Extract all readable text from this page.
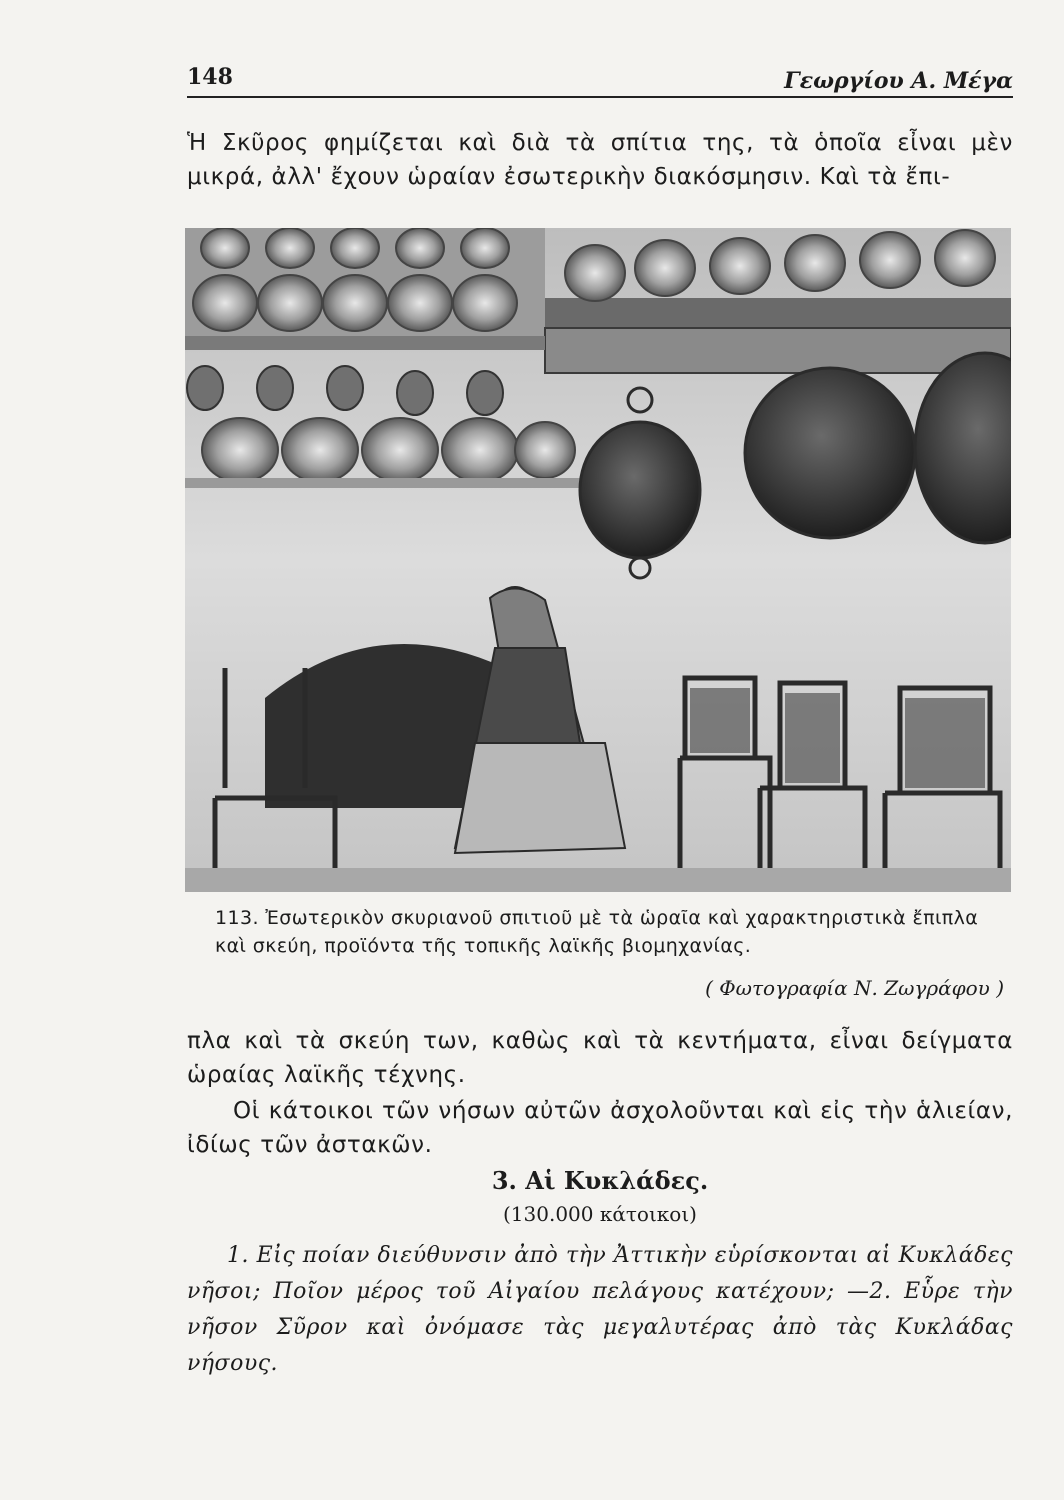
148	Γεωργίου Α. Μέγα

Ἡ Σκῦρος φημίζεται καὶ διὰ τὰ σπίτια της, τὰ ὁποῖα εἶναι μὲν μικρά, ἀλλ' ἔχουν ὡραίαν ἐσωτερικὴν διακόσμησιν. Καὶ τὰ ἔπι-

113. Ἐσωτερικὸν σκυριανοῦ σπιτιοῦ μὲ τὰ ὡραῖα καὶ χαρακτηριστικὰ ἔπιπλα καὶ σκεύη, προϊόντα τῆς τοπικῆς λαϊκῆς βιομηχανίας.

( Φωτογραφία Ν. Ζωγράφου )

πλα καὶ τὰ σκεύη των, καθὼς καὶ τὰ κεντήματα, εἶναι δείγματα ὡραίας λαϊκῆς τέχνης.

Οἱ κάτοικοι τῶν νήσων αὐτῶν ἀσχολοῦνται καὶ εἰς τὴν ἁλιείαν, ἰδίως τῶν ἀστακῶν.

3. Αἱ Κυκλάδες.
(130.000 κάτοικοι)

1. Εἰς ποίαν διεύθυνσιν ἀπὸ τὴν Ἀττικὴν εὑρίσκονται αἱ Κυκλάδες νῆσοι; Ποῖον μέρος τοῦ Αἰγαίου πελάγους κατέχουν; —2. Εὗρε τὴν νῆσον Σῦρον καὶ ὀνόμασε τὰς μεγαλυτέρας ἀπὸ τὰς Κυκλάδας νήσους.
